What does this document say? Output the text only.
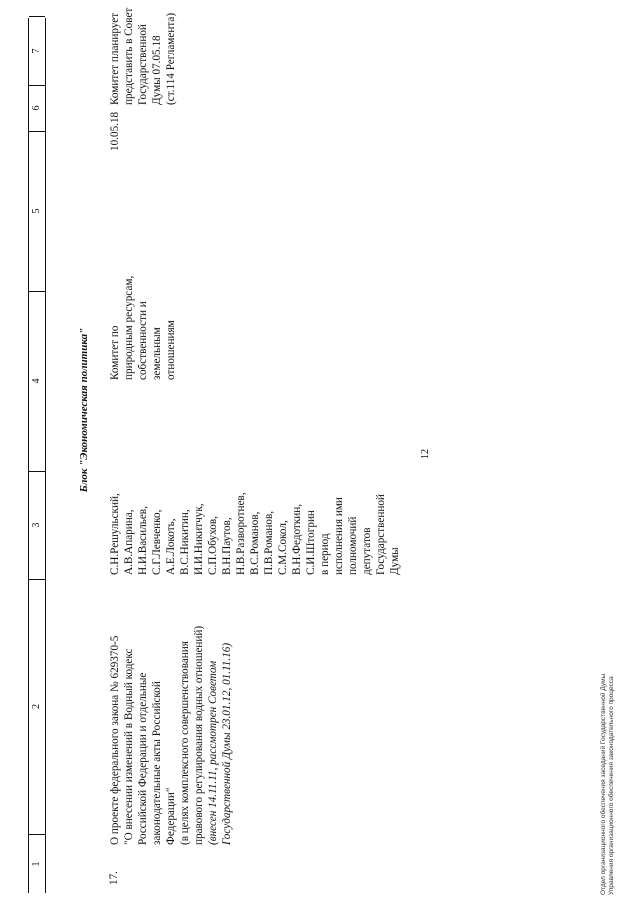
12
1
2
3
4
5
6
7
Блок "Экономическая политика"
17.
О проекте федерального закона № 629370-5 "О внесении изменений в Водный кодекс Российской Федерации и отдельные законодательные акты Российской Федерации" (в целях комплексного совершенствования правового регулирования водных отношений) (внесен 14.11.11, рассмотрен Советом Государственной Думы 23.01.12, 01.11.16)
С.Н.Решульский, А.В.Апарина, Н.И.Васильев, С.Г.Левченко, А.Е.Локоть, В.С.Никитин, И.И.Никитчук, С.П.Обухов, В.Н.Паутов, Н.В.Разворотнев, В.С.Романов, П.В.Романов, С.М.Сокол, В.Н.Федоткин, С.И.Штогрин в период исполнения ими полномочий депутатов Государственной Думы
Комитет по природным ресурсам, собственности и земельным отношениям
10.05.18
Комитет планирует представить в Совет Государственной Думы 07.05.18 (ст.114 Регламента)
Отдел организационного обеспечения заседаний Государственной Думы Управления организационного обеспечения законодательного процесса
